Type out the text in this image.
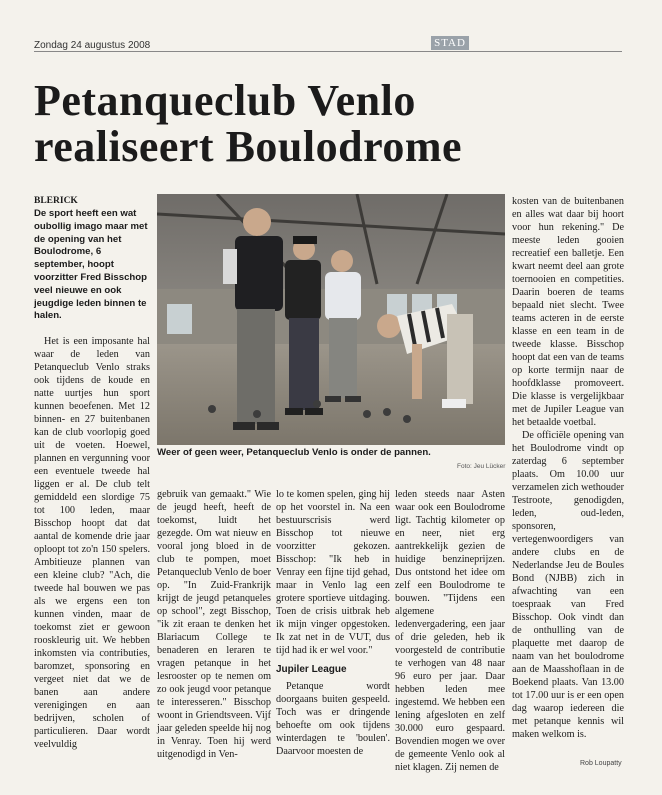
Zondag 24 augustus 2008	STAD
Petanqueclub Venlo
realiseert Boulodrome
BLERICK
De sport heeft een wat oubollig imago maar met de opening van het Boulodrome, 6 september, hoopt voorzitter Fred Bisschop veel nieuwe en ook jeugdige leden binnen te halen.

Het is een imposante hal waar de leden van Petanqueclub Venlo straks ook tijdens de koude en natte uurtjes hun sport kunnen beoefenen. Met 12 binnen- en 27 buitenbanen kan de club voorlopig goed uit de voeten. Hoewel, plannen en vergunning voor een eventuele tweede hal liggen er al. De club telt gemiddeld een slordige 75 tot 100 leden, maar Bisschop hoopt dat dat aantal de komende drie jaar oploopt tot zo'n 150 spelers. Ambitieuze plannen van een kleine club? "Ach, die tweede hal bouwen we pas als we ergens een ton kunnen vinden, maar de toekomst ziet er gewoon rooskleurig uit. We hebben inkomsten via contributies, baromzet, sponsoring en vergeet niet dat we de banen aan andere verenigingen en aan bedrijven, scholen of particulieren. Daar wordt veelvuldig

Weer of geen weer, Petanqueclub Venlo is onder de pannen.
Foto: Jeu Lücker

gebruik van gemaakt." Wie de jeugd heeft, heeft de toekomst, luidt het gezegde. Om wat nieuw en vooral jong bloed in de club te pompen, moet Petanqueclub Venlo de boer op. "In Zuid-Frankrijk krijgt de jeugd petanqueles op school", zegt Bisschop, "ik zit eraan te denken het Blariacum College te benaderen en leraren te vragen petanque in het lesrooster op te nemen om zo ook jeugd voor petanque te interesseren." Bisschop woont in Griendtsveen. Vijf jaar geleden speelde hij nog in Venray. Toen hij werd uitgenodigd in Ven-

lo te komen spelen, ging hij op het voorstel in. Na een bestuurscrisis werd Bisschop tot nieuwe voorzitter gekozen. Bisschop: "Ik heb in Venray een fijne tijd gehad, maar in Venlo lag een grotere sportieve uitdaging. Toen de crisis uitbrak heb ik mijn vinger opgestoken. Ik zat net in de VUT, dus tijd had ik er wel voor."

Jupiler League

Petanque wordt doorgaans buiten gespeeld. Toch was er dringende behoefte om ook tijdens winterdagen te 'boulen'. Daarvoor moesten de

leden steeds naar Asten waar ook een Boulodrome ligt. Tachtig kilometer op en neer, niet erg aantrekkelijk gezien de huidige benzineprijzen. Dus ontstond het idee om zelf een Boulodrome te bouwen. "Tijdens een algemene ledenvergadering, een jaar of drie geleden, heb ik voorgesteld de contributie te verhogen van 48 naar 96 euro per jaar. Daar hebben leden mee ingestemd. We hebben een lening afgesloten en zelf 30.000 euro gespaard. Bovendien mogen we over de gemeente Venlo ook al niet klagen. Zij nemen de

kosten van de buitenbanen en alles wat daar bij hoort voor hun rekening." De meeste leden gooien recreatief een balletje. Een kwart neemt deel aan grote toernooien en competities. Daarin boeren de teams bepaald niet slecht. Twee teams acteren in de eerste klasse en een team in de tweede klasse. Bisschop hoopt dat een van de teams op korte termijn naar de hoofdklasse promoveert. Die klasse is vergelijkbaar met de Jupiler League van het betaalde voetbal.

De officiële opening van het Boulodrome vindt op zaterdag 6 september plaats. Om 10.00 uur verzamelen zich wethouder Testroote, genodigden, leden, oud-leden, sponsoren, vertegenwoordigers van andere clubs en de Nederlandse Jeu de Boules Bond (NJBB) zich in afwachting van een toespraak van Fred Bisschop. Ook vindt dan de onthulling van de plaquette met daarop de naam van het boulodrome aan de Maasshoflaan in de Boekend plaats. Van 13.00 tot 17.00 uur is er een open dag waarop iedereen die met petanque kennis wil maken welkom is.

Rob Loupatty
